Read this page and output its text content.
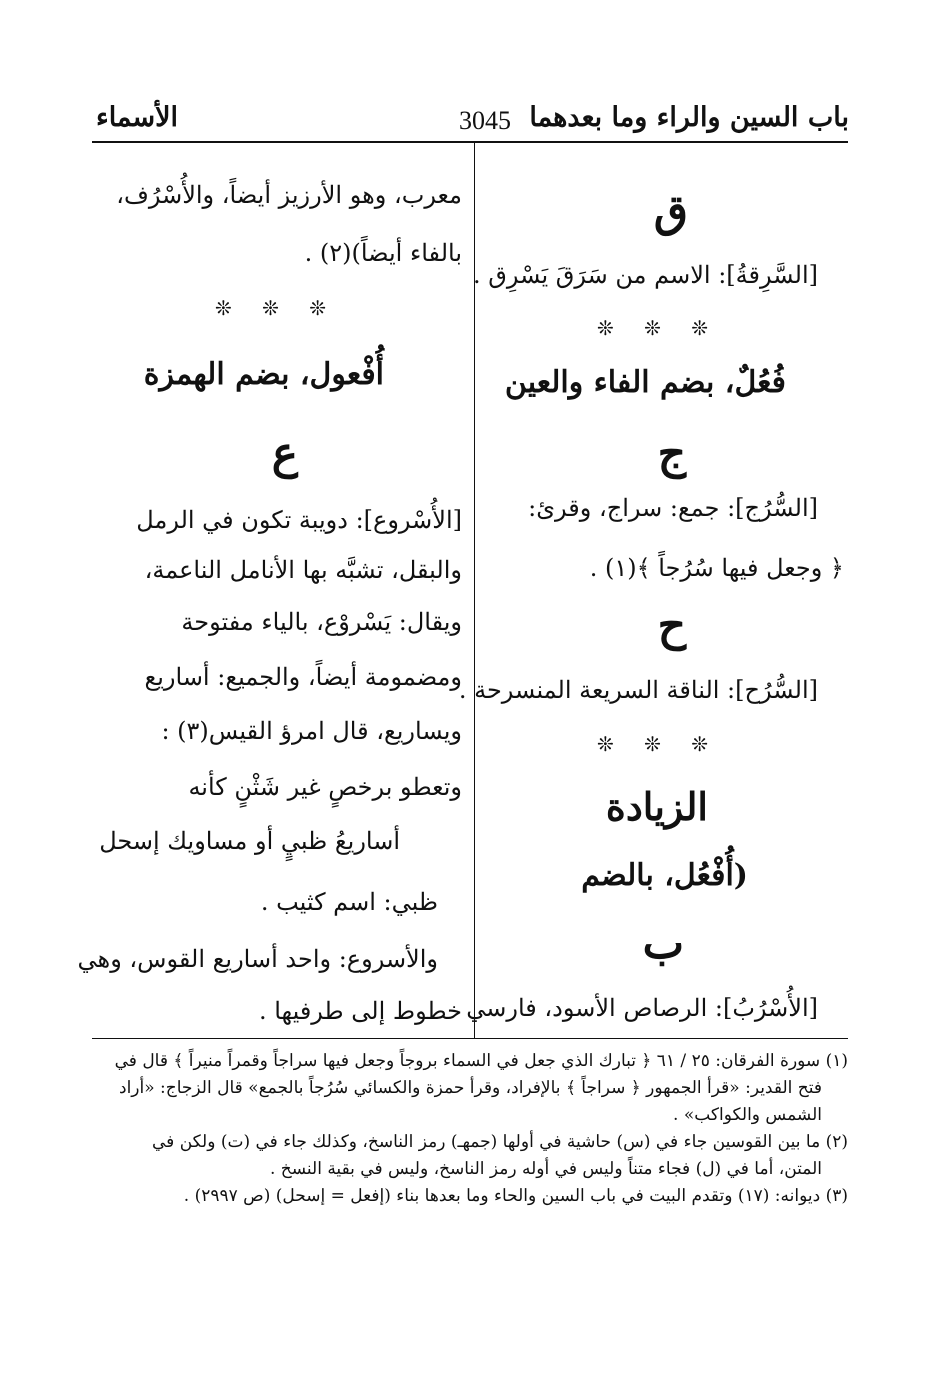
باب السين والراء وما بعدهما
3045
الأسماء
ق
[السَّرِقةُ]: الاسم من سَرَقَ يَسْرِق .
❊ ❊ ❊
فُعُلٌ، بضم الفاء والعين
ج
[السُّرُج]: جمع: سراج، وقرئ:
﴿ وجعل فيها سُرُجاً ﴾(١) .
ح
[السُّرُح]: الناقة السريعة المنسرحة .
❊ ❊ ❊
الزيادة
(أُفْعُل، بالضم
ب
[الأُسْرُبُ]: الرصاص الأسود، فارسي
معرب، وهو الأرزيز أيضاً، والأُسْرُف،
بالفاء أيضاً)(٢) .
❊ ❊ ❊
أُفْعول، بضم الهمزة
ع
[الأُسْروع]: دويبة تكون في الرمل
والبقل، تشبَّه بها الأنامل الناعمة،
ويقال: يَسْروْع، بالياء مفتوحة
ومضمومة أيضاً، والجميع: أساريع
ويساريع، قال امرؤ القيس(٣) :
وتعطو برخصٍ غير شَثْنٍ كأنه
أساريعُ ظبيٍ أو مساويك إسحل
ظبي: اسم كثيب .
والأسروع: واحد أساريع القوس، وهي
خطوط إلى طرفيها .
(١) سورة الفرقان: ٢٥ / ٦١ ﴿ تبارك الذي جعل في السماء بروجاً وجعل فيها سراجاً وقمراً منيراً ﴾ قال في
فتح القدير: «قرأ الجمهور ﴿ سراجاً ﴾ بالإفراد، وقرأ حمزة والكسائي سُرُجاً بالجمع» قال الزجاج: «أراد
الشمس والكواكب» .
(٢) ما بين القوسين جاء في (س) حاشية في أولها (جمهـ) رمز الناسخ، وكذلك جاء في (ت) ولكن في
المتن، أما في (ل) فجاء متناً وليس في أوله رمز الناسخ، وليس في بقية النسخ .
(٣) ديوانه: (١٧) وتقدم البيت في باب السين والحاء وما بعدها بناء (إفعل = إسحل) (ص ٢٩٩٧) .
